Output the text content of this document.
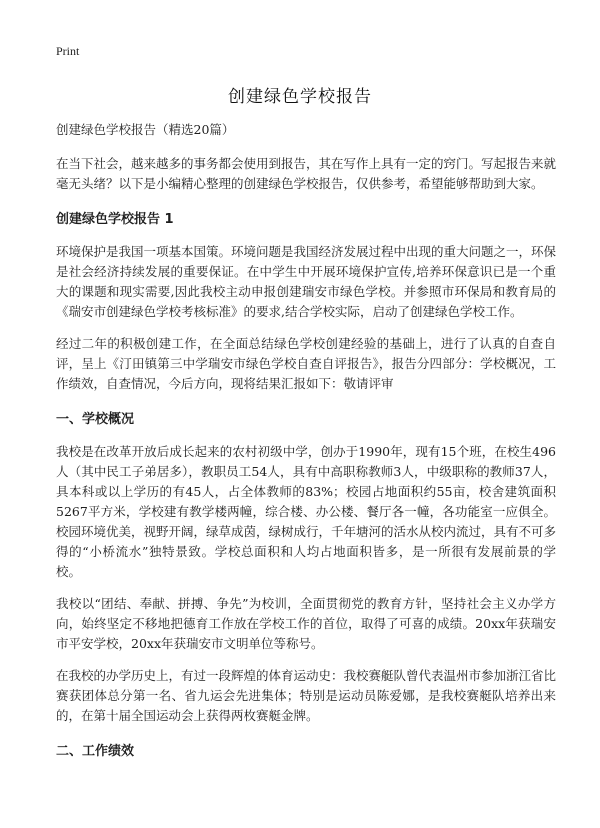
Print
创建绿色学校报告

创建绿色学校报告（精选20篇）

在当下社会，越来越多的事务都会使用到报告，其在写作上具有一定的窍门。写起报告来就毫无头绪？以下是小编精心整理的创建绿色学校报告，仅供参考，希望能够帮助到大家。

创建绿色学校报告 1

环境保护是我国一项基本国策。环境问题是我国经济发展过程中出现的重大问题之一，环保是社会经济持续发展的重要保证。在中学生中开展环境保护宣传,培养环保意识已是一个重大的课题和现实需要,因此我校主动申报创建瑞安市绿色学校。并参照市环保局和教育局的《瑞安市创建绿色学校考核标准》的要求,结合学校实际，启动了创建绿色学校工作。

经过二年的积极创建工作，在全面总结绿色学校创建经验的基础上，进行了认真的自查自评，呈上《汀田镇第三中学瑞安市绿色学校自查自评报告》，报告分四部分：学校概况，工作绩效，自查情况，今后方向，现将结果汇报如下：敬请评审

一、学校概况

我校是在改革开放后成长起来的农村初级中学，创办于1990年，现有15个班，在校生496人（其中民工子弟居多），教职员工54人，具有中高职称教师3人，中级职称的教师37人，具本科或以上学历的有45人，占全体教师的83%；校园占地面积约55亩，校舍建筑面积5267平方米，学校建有教学楼两幢，综合楼、办公楼、餐厅各一幢，各功能室一应俱全。校园环境优美，视野开阔，绿草成茵，绿树成行，千年塘河的活水从校内流过，具有不可多得的“小桥流水”独特景致。学校总面积和人均占地面积皆多，是一所很有发展前景的学校。

我校以“团结、奉献、拼搏、争先”为校训，全面贯彻党的教育方针，坚持社会主义办学方向，始终坚定不移地把德育工作放在学校工作的首位，取得了可喜的成绩。20xx年获瑞安市平安学校，20xx年获瑞安市文明单位等称号。

在我校的办学历史上，有过一段辉煌的体育运动史：我校赛艇队曾代表温州市参加浙江省比赛获团体总分第一名、省九运会先进集体；特别是运动员陈爱娜，是我校赛艇队培养出来的，在第十届全国运动会上获得两枚赛艇金牌。

二、工作绩效
